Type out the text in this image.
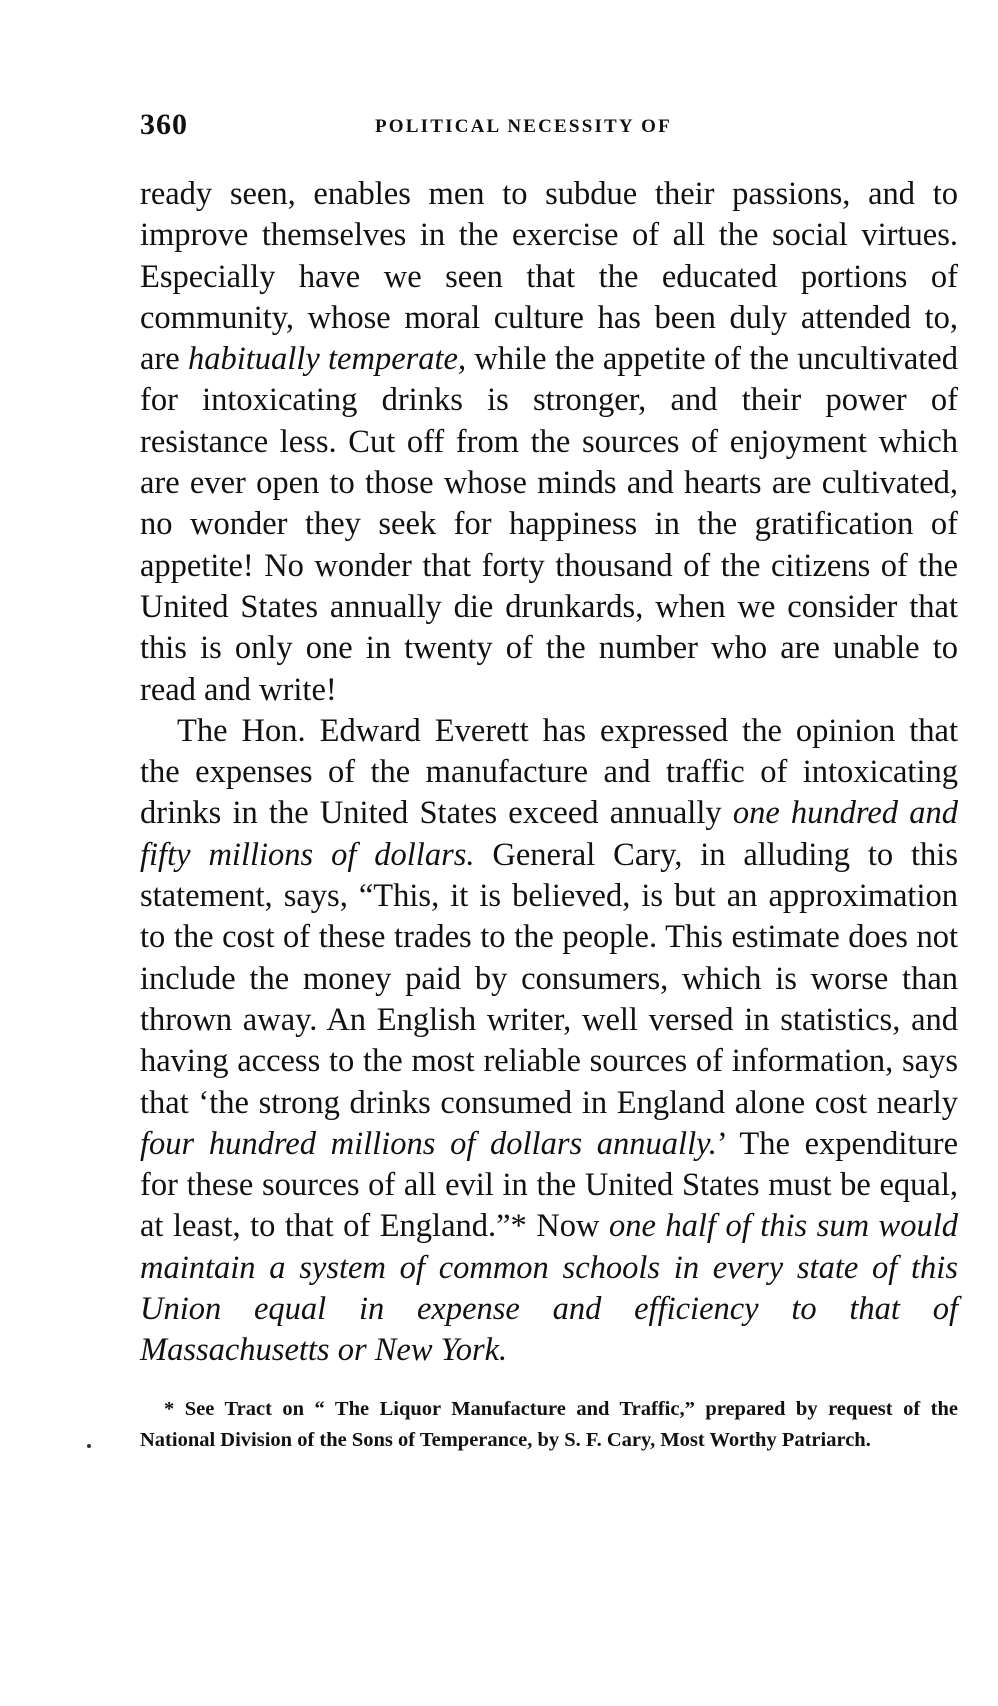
360	POLITICAL NECESSITY OF

ready seen, enables men to subdue their passions, and to improve themselves in the exercise of all the social virtues. Especially have we seen that the educated portions of community, whose moral culture has been duly attended to, are habitually temperate, while the appetite of the uncultivated for intoxicating drinks is stronger, and their power of resistance less. Cut off from the sources of enjoyment which are ever open to those whose minds and hearts are cultivated, no wonder they seek for happiness in the gratification of appetite! No wonder that forty thousand of the citizens of the United States annually die drunkards, when we consider that this is only one in twenty of the number who are unable to read and write!

The Hon. Edward Everett has expressed the opinion that the expenses of the manufacture and traffic of intoxicating drinks in the United States exceed annually one hundred and fifty millions of dollars. General Cary, in alluding to this statement, says, “This, it is believed, is but an approximation to the cost of these trades to the people. This estimate does not include the money paid by consumers, which is worse than thrown away. An English writer, well versed in statistics, and having access to the most reliable sources of information, says that ‘the strong drinks consumed in England alone cost nearly four hundred millions of dollars annually.’ The expenditure for these sources of all evil in the United States must be equal, at least, to that of England.”* Now one half of this sum would maintain a system of common schools in every state of this Union equal in expense and efficiency to that of Massachusetts or New York.

* See Tract on “ The Liquor Manufacture and Traffic,” prepared by request of the National Division of the Sons of Temperance, by S. F. Cary, Most Worthy Patriarch.
